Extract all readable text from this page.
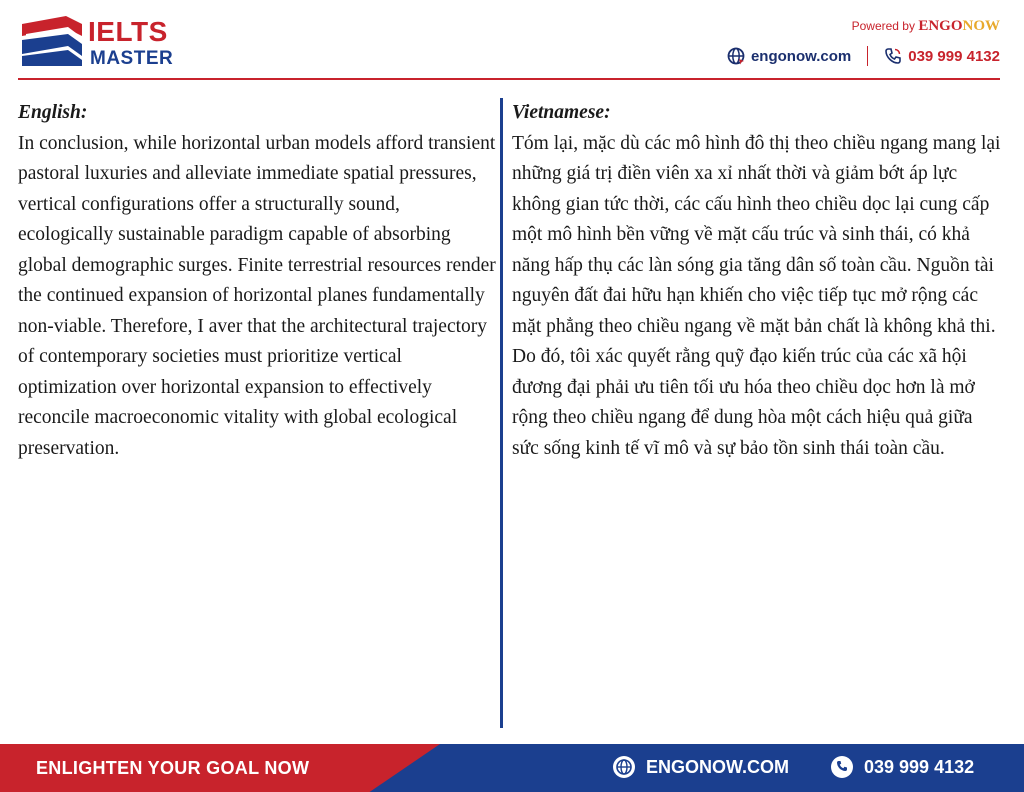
IELTS
MASTER
Powered by ENGONOW
engonow.com	039 999 4132
English:
In conclusion, while horizontal urban models afford transient pastoral luxuries and alleviate immediate spatial pressures, vertical configurations offer a structurally sound, ecologically sustainable paradigm capable of absorbing global demographic surges. Finite terrestrial resources render the continued expansion of horizontal planes fundamentally non-viable. Therefore, I aver that the architectural trajectory of contemporary societies must prioritize vertical optimization over horizontal expansion to effectively reconcile macroeconomic vitality with global ecological preservation.
Vietnamese:
Tóm lại, mặc dù các mô hình đô thị theo chiều ngang mang lại những giá trị điền viên xa xỉ nhất thời và giảm bớt áp lực không gian tức thời, các cấu hình theo chiều dọc lại cung cấp một mô hình bền vững về mặt cấu trúc và sinh thái, có khả năng hấp thụ các làn sóng gia tăng dân số toàn cầu. Nguồn tài nguyên đất đai hữu hạn khiến cho việc tiếp tục mở rộng các mặt phẳng theo chiều ngang về mặt bản chất là không khả thi. Do đó, tôi xác quyết rằng quỹ đạo kiến trúc của các xã hội đương đại phải ưu tiên tối ưu hóa theo chiều dọc hơn là mở rộng theo chiều ngang để dung hòa một cách hiệu quả giữa sức sống kinh tế vĩ mô và sự bảo tồn sinh thái toàn cầu.
ENLIGHTEN YOUR GOAL NOW	ENGONOW.COM	039 999 4132
